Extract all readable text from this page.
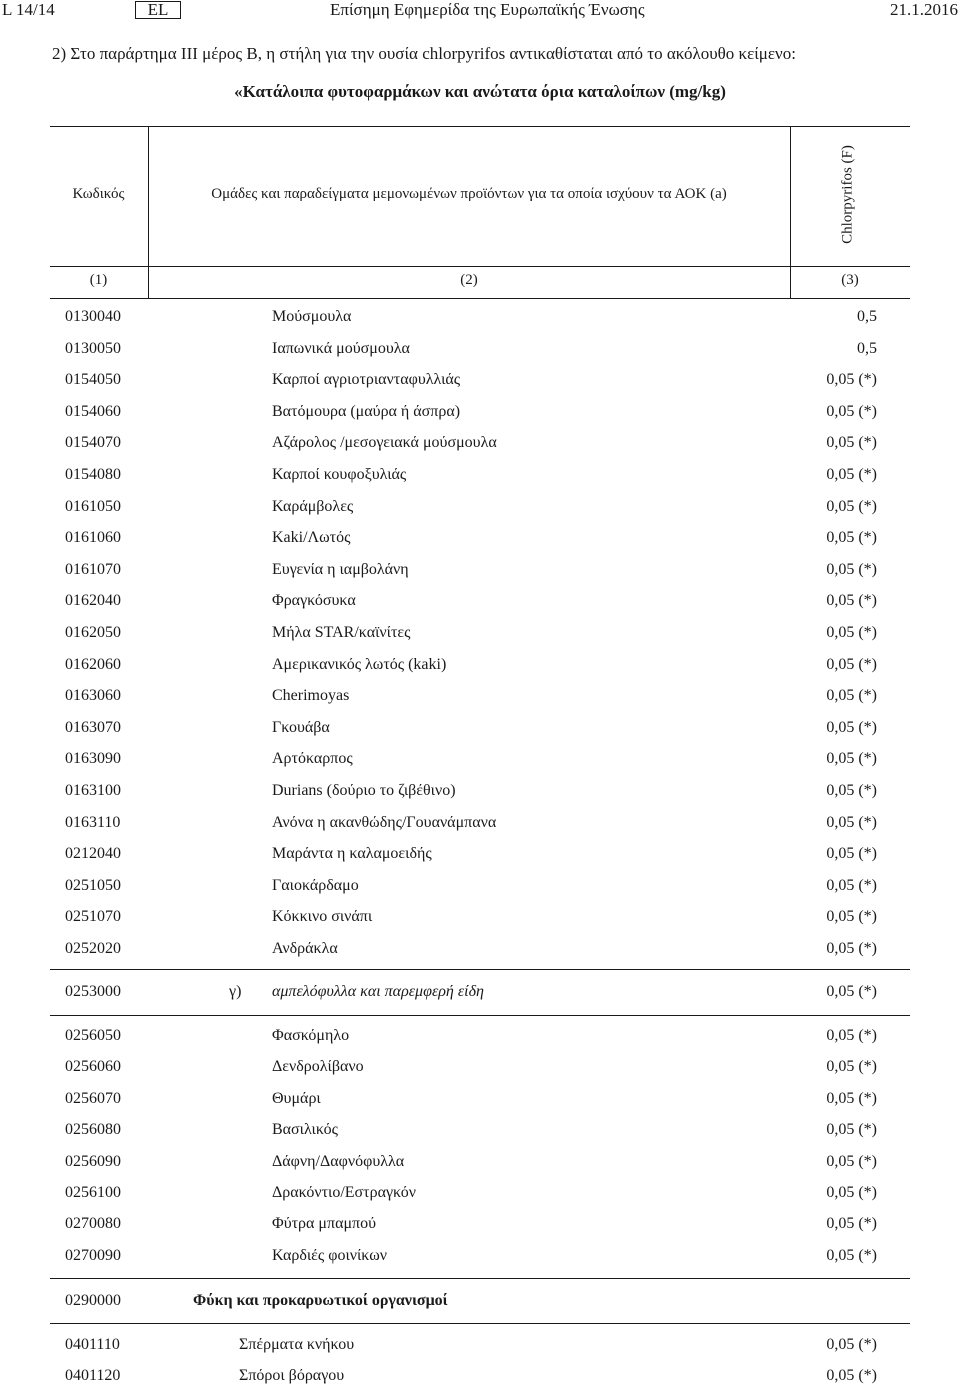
L 14/14	EL	Επίσημη Εφημερίδα της Ευρωπαϊκής Ένωσης	21.1.2016
2) Στο παράρτημα ΙΙΙ μέρος Β, η στήλη για την ουσία chlorpyrifos αντικαθίσταται από το ακόλουθο κείμενο:
«Κατάλοιπα φυτοφαρμάκων και ανώτατα όρια καταλοίπων (mg/kg)
Κωδικός	Ομάδες και παραδείγματα μεμονωμένων προϊόντων για τα οποία ισχύουν τα ΑΟΚ (a)	Chlorpyrifos (F)
(1)	(2)	(3)
0130040	Μούσμουλα	0,5
0130050	Ιαπωνικά μούσμουλα	0,5
0154050	Καρποί αγριοτριανταφυλλιάς	0,05 (*)
0154060	Βατόμουρα (μαύρα ή άσπρα)	0,05 (*)
0154070	Αζάρολος /μεσογειακά μούσμουλα	0,05 (*)
0154080	Καρποί κουφοξυλιάς	0,05 (*)
0161050	Καράμβολες	0,05 (*)
0161060	Kaki/Λωτός	0,05 (*)
0161070	Ευγενία η ιαμβολάνη	0,05 (*)
0162040	Φραγκόσυκα	0,05 (*)
0162050	Μήλα STAR/καϊνίτες	0,05 (*)
0162060	Αμερικανικός λωτός (kaki)	0,05 (*)
0163060	Cherimoyas	0,05 (*)
0163070	Γκουάβα	0,05 (*)
0163090	Αρτόκαρπος	0,05 (*)
0163100	Durians (δούριο το ζιβέθινο)	0,05 (*)
0163110	Ανόνα η ακανθώδης/Γουανάμπανα	0,05 (*)
0212040	Μαράντα η καλαμοειδής	0,05 (*)
0251050	Γαιοκάρδαμο	0,05 (*)
0251070	Κόκκινο σινάπι	0,05 (*)
0252020	Ανδράκλα	0,05 (*)
0253000	γ) αμπελόφυλλα και παρεμφερή είδη	0,05 (*)
0256050	Φασκόμηλο	0,05 (*)
0256060	Δενδρολίβανο	0,05 (*)
0256070	Θυμάρι	0,05 (*)
0256080	Βασιλικός	0,05 (*)
0256090	Δάφνη/Δαφνόφυλλα	0,05 (*)
0256100	Δρακόντιο/Εστραγκόν	0,05 (*)
0270080	Φύτρα μπαμπού	0,05 (*)
0270090	Καρδιές φοινίκων	0,05 (*)
0290000	Φύκη και προκαρυωτικοί οργανισμοί
0401110	Σπέρματα κνήκου	0,05 (*)
0401120	Σπόροι βόραγου	0,05 (*)
